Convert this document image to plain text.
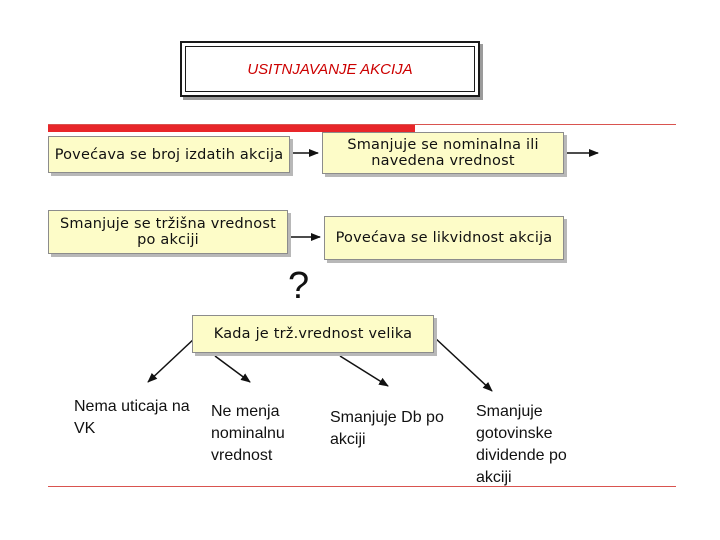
USITNJAVANJE AKCIJA
Povećava se broj izdatih akcija
Smanjuje se nominalna ili navedena vrednost
Smanjuje se tržišna vrednost po akciji	Povećava se likvidnost akcija
?
Kada je trž.vrednost velika
Nema uticaja na VK
Ne menja nominalnu vrednost
Smanjuje Db po akciji
Smanjuje gotovinske dividende po akciji
